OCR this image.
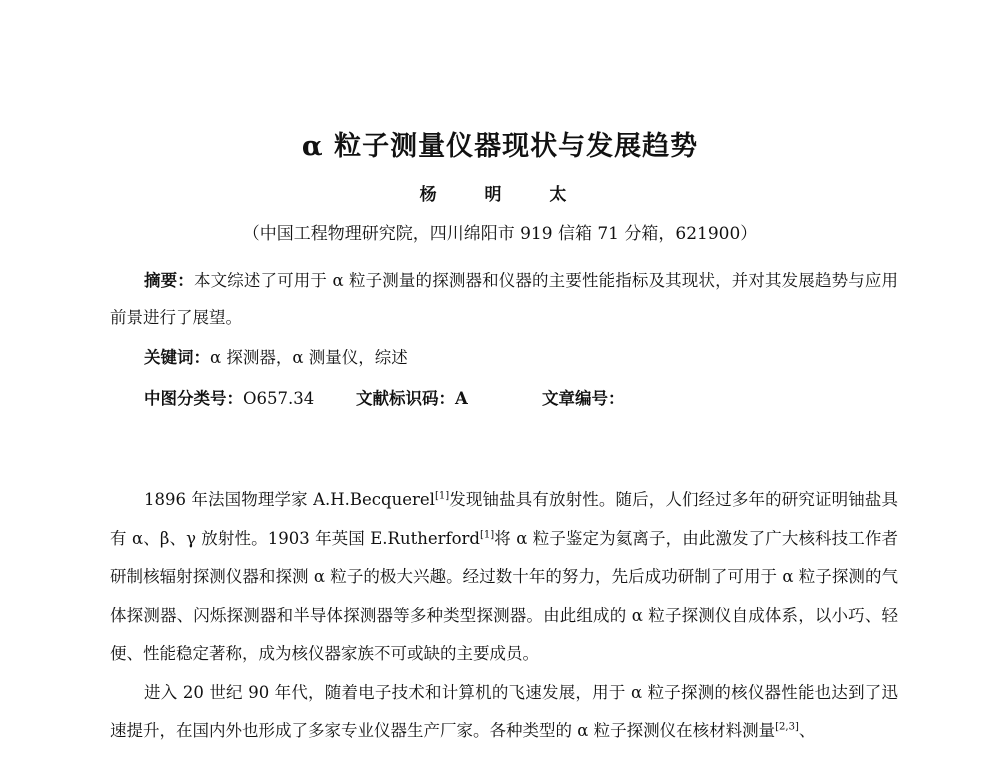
α 粒子测量仪器现状与发展趋势
杨 明 太
（中国工程物理研究院，四川绵阳市 919 信箱 71 分箱，621900）
摘要：本文综述了可用于 α 粒子测量的探测器和仪器的主要性能指标及其现状，并对其发展趋势与应用前景进行了展望。
关键词：α 探测器，α 测量仪，综述
中图分类号：O657.34	文献标识码：A	文章编号：

1896 年法国物理学家 A.H.Becquerel[1]发现铀盐具有放射性。随后，人们经过多年的研究证明铀盐具有 α、β、γ 放射性。1903 年英国 E.Rutherford[1]将 α 粒子鉴定为氦离子，由此激发了广大核科技工作者研制核辐射探测仪器和探测 α 粒子的极大兴趣。经过数十年的努力，先后成功研制了可用于 α 粒子探测的气体探测器、闪烁探测器和半导体探测器等多种类型探测器。由此组成的 α 粒子探测仪自成体系，以小巧、轻便、性能稳定著称，成为核仪器家族不可或缺的主要成员。

进入 20 世纪 90 年代，随着电子技术和计算机的飞速发展，用于 α 粒子探测的核仪器性能也达到了迅速提升，在国内外也形成了多家专业仪器生产厂家。各种类型的 α 粒子探测仪在核材料测量[2,3]、
